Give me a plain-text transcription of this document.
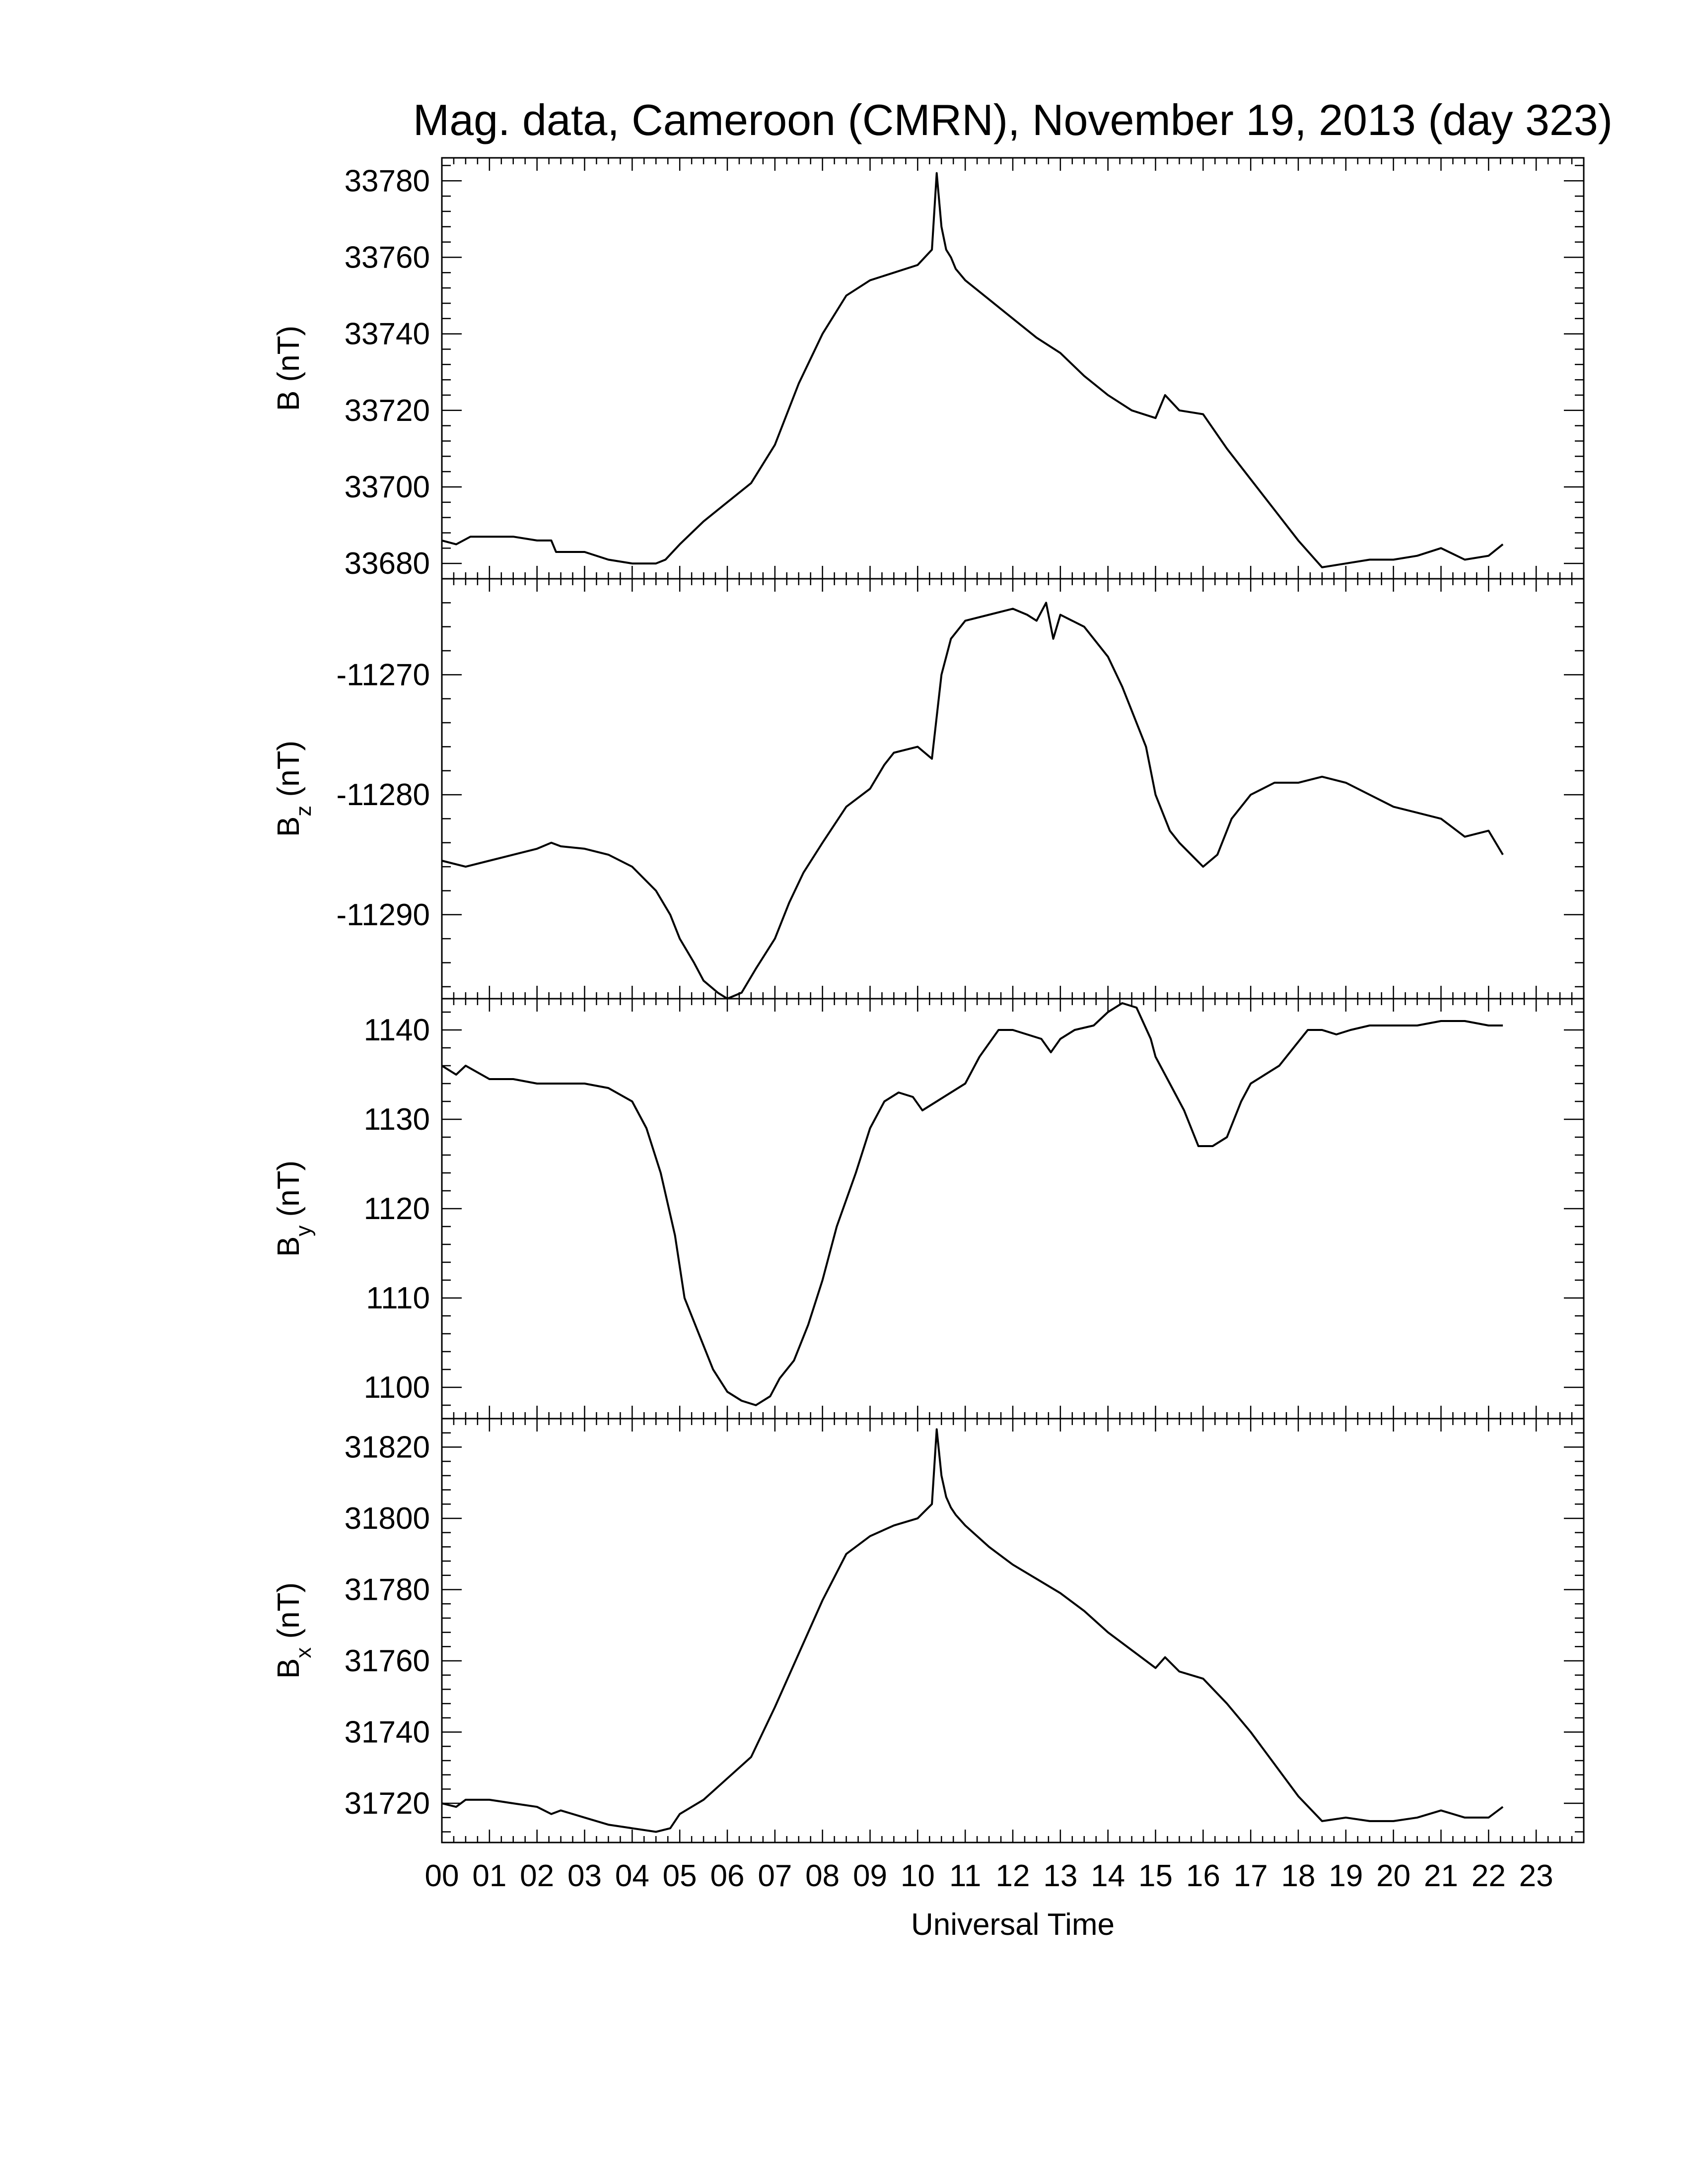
Mag. data, Cameroon (CMRN), November 19, 2013 (day 323)
33680
33700
33720
33740
33760
33780
B (nT)
-11270
-11280
-11290
$B_z$ (nT)
1100
1110
1120
1130
1140
$B_y$ (nT)
31720
31740
31760
31780
31800
31820
$B_x$ (nT)
00 01 02 03 04 05 06 07 08 09 10 11 12 13 14 15 16 17 18 19 20 21 22 23
Universal Time
